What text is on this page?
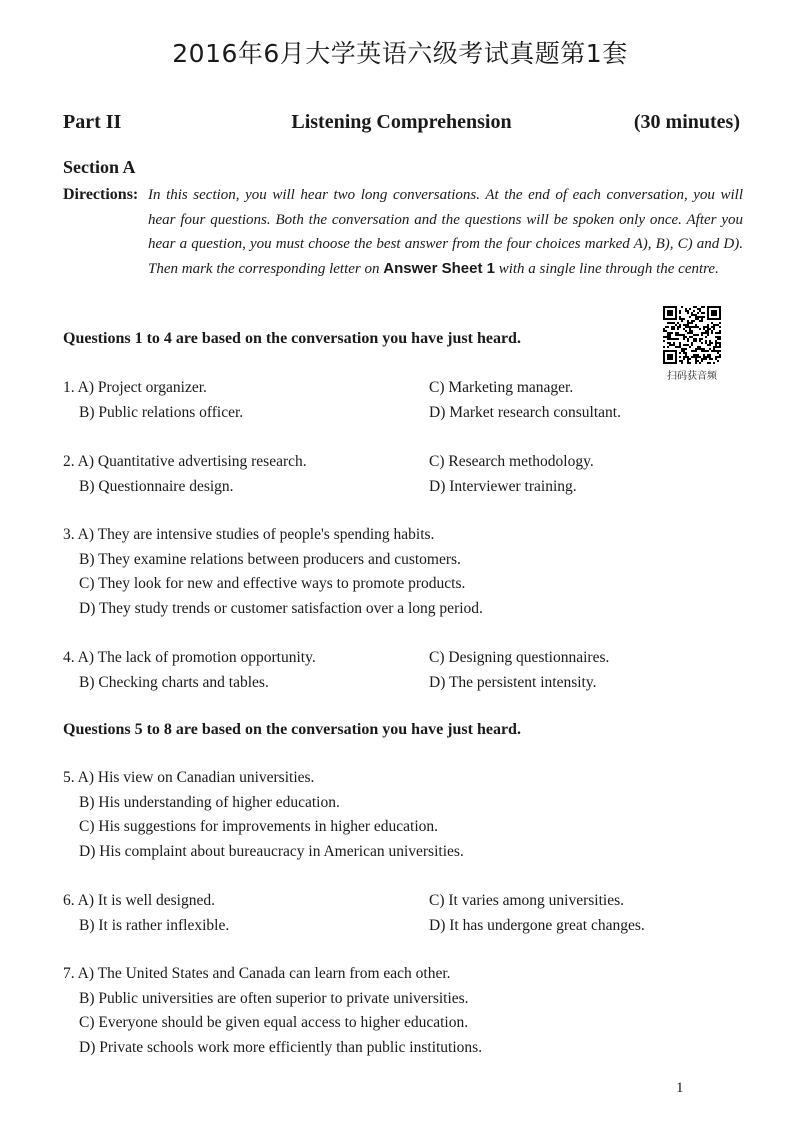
2016年6月大学英语六级考试真题第1套
Part II	Listening Comprehension	(30 minutes)
Section A
Directions: In this section, you will hear two long conversations. At the end of each conversation, you will hear four questions. Both the conversation and the questions will be spoken only once. After you hear a question, you must choose the best answer from the four choices marked A), B), C) and D). Then mark the corresponding letter on Answer Sheet 1 with a single line through the centre.
扫码获音频
Questions 1 to 4 are based on the conversation you have just heard.
1. A) Project organizer.	C) Marketing manager.
B) Public relations officer.	D) Market research consultant.
2. A) Quantitative advertising research.	C) Research methodology.
B) Questionnaire design.	D) Interviewer training.
3. A) They are intensive studies of people's spending habits.
B) They examine relations between producers and customers.
C) They look for new and effective ways to promote products.
D) They study trends or customer satisfaction over a long period.
4. A) The lack of promotion opportunity.	C) Designing questionnaires.
B) Checking charts and tables.	D) The persistent intensity.
5. A) His view on Canadian universities.
B) His understanding of higher education.
C) His suggestions for improvements in higher education.
D) His complaint about bureaucracy in American universities.
6. A) It is well designed.	C) It varies among universities.
B) It is rather inflexible.	D) It has undergone great changes.
7. A) The United States and Canada can learn from each other.
B) Public universities are often superior to private universities.
C) Everyone should be given equal access to higher education.
D) Private schools work more efficiently than public institutions.
Questions 5 to 8 are based on the conversation you have just heard.
1
